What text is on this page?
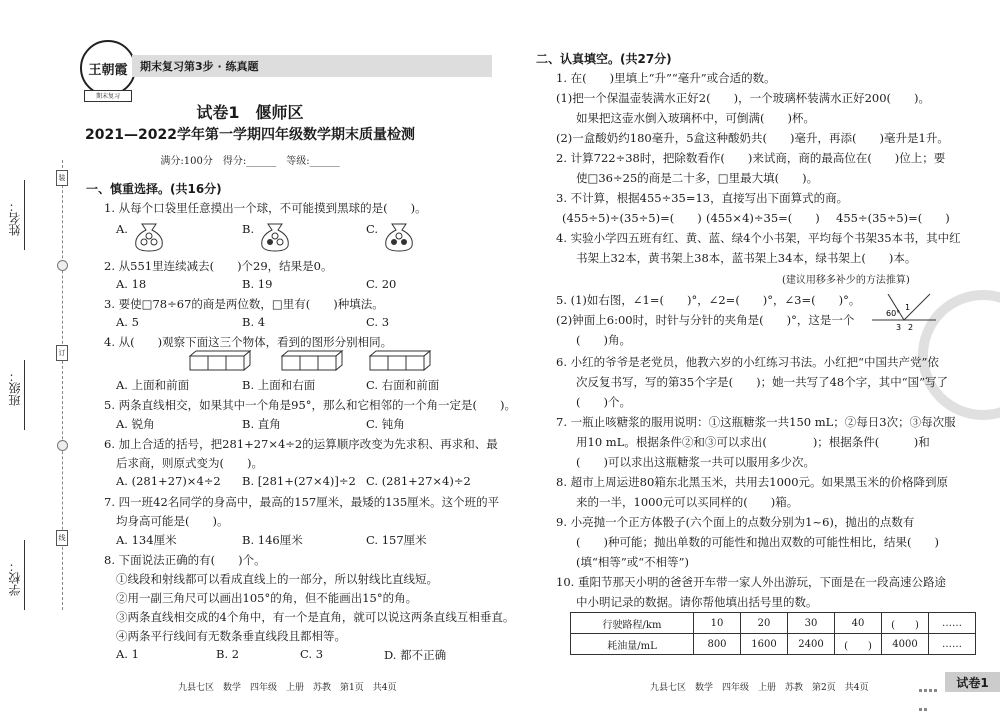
姓名：
班级：
学校：
装
订
线
王朝霞
期末复习
期末复习第3步 · 练真题
试卷1　偃师区
2021—2022学年第一学期四年级数学期末质量检测
满分:100分　得分:______　等级:______
一、慎重选择。(共16分)
1. 从每个口袋里任意摸出一个球，不可能摸到黑球的是(　　)。
A.	B.	C.
2. 从551里连续减去(　　)个29，结果是0。
A. 18	B. 19	C. 20
3. 要使□78÷67的商是两位数，□里有(　　)种填法。
A. 5	B. 4	C. 3
4. 从(　　)观察下面这三个物体，看到的图形分别相同。
A. 上面和前面	B. 上面和右面	C. 右面和前面
5. 两条直线相交，如果其中一个角是95°，那么和它相邻的一个角一定是(　　)。
A. 锐角	B. 直角	C. 钝角
6. 加上合适的括号，把281+27×4÷2的运算顺序改变为先求积、再求和、最
后求商，则原式变为(　　)。
A. (281+27)×4÷2 B. [281+(27×4)]÷2 C. (281+27×4)÷2
7. 四一班42名同学的身高中，最高的157厘米，最矮的135厘米。这个班的平
均身高可能是(　　)。
A. 134厘米	B. 146厘米	C. 157厘米
8. 下面说法正确的有(　　)个。
①线段和射线都可以看成直线上的一部分，所以射线比直线短。
②用一副三角尺可以画出105°的角，但不能画出15°的角。
③两条直线相交成的4个角中，有一个是直角，就可以说这两条直线互相垂直。
④两条平行线间有无数条垂直线段且都相等。
A. 1	B. 2	C. 3	D. 都不正确
九县七区　数学　四年级　上册　苏教　第1页　共4页
二、认真填空。(共27分)
1. 在(　　)里填上“升”“毫升”或合适的数。
(1)把一个保温壶装满水正好2(　　)，一个玻璃杯装满水正好200(　　)。
如果把这壶水倒入玻璃杯中，可倒满(　　)杯。
(2)一盒酸奶约180毫升，5盒这种酸奶共(　　)毫升，再添(　　)毫升是1升。
2. 计算722÷38时，把除数看作(　　)来试商，商的最高位在(　　)位上；要
使□36÷25的商是二十多，□里最大填(　　)。
3. 不计算，根据455÷35=13，直接写出下面算式的商。
(455÷5)÷(35÷5)=(　　) (455×4)÷35=(　　) 455÷(35÷5)=(　　)
4. 实验小学四五班有红、黄、蓝、绿4个小书架，平均每个书架35本书，其中红
书架上32本，黄书架上38本，蓝书架上34本，绿书架上(　　)本。
(建议用移多补少的方法推算)
5. (1)如右图，∠1=(　　)°，∠2=(　　)°，∠3=(　　)°。
(2)钟面上6:00时，时针与分针的夹角是(　　)°，这是一个
(　　)角。
60°
1
2
3
6. 小红的爷爷是老党员，他教六岁的小红练习书法。小红把“中国共产党”依
次反复书写，写的第35个字是(　　)；她一共写了48个字，其中“国”写了
(　　)个。
7. 一瓶止咳糖浆的服用说明：①这瓶糖浆一共150 mL；②每日3次；③每次服
用10 mL。根据条件②和③可以求出(　　　　)；根据条件(　　　)和
(　　)可以求出这瓶糖浆一共可以服用多少次。
8. 超市上周运进80箱东北黑玉米，共用去1000元。如果黑玉米的价格降到原
来的一半，1000元可以买同样的(　　)箱。
9. 小亮抛一个正方体骰子(六个面上的点数分别为1~6)，抛出的点数有
(　　)种可能；抛出单数的可能性和抛出双数的可能性相比，结果(　　)
(填“相等”或“不相等”)
10. 重阳节那天小明的爸爸开车带一家人外出游玩，下面是在一段高速公路途
中小明记录的数据。请你帮他填出括号里的数。
行驶路程/km	10	20	30	40	(　　)	……
耗油量/mL	800	1600	2400	(　　)	4000	……
九县七区　数学　四年级　上册　苏教　第2页　共4页	试卷1
